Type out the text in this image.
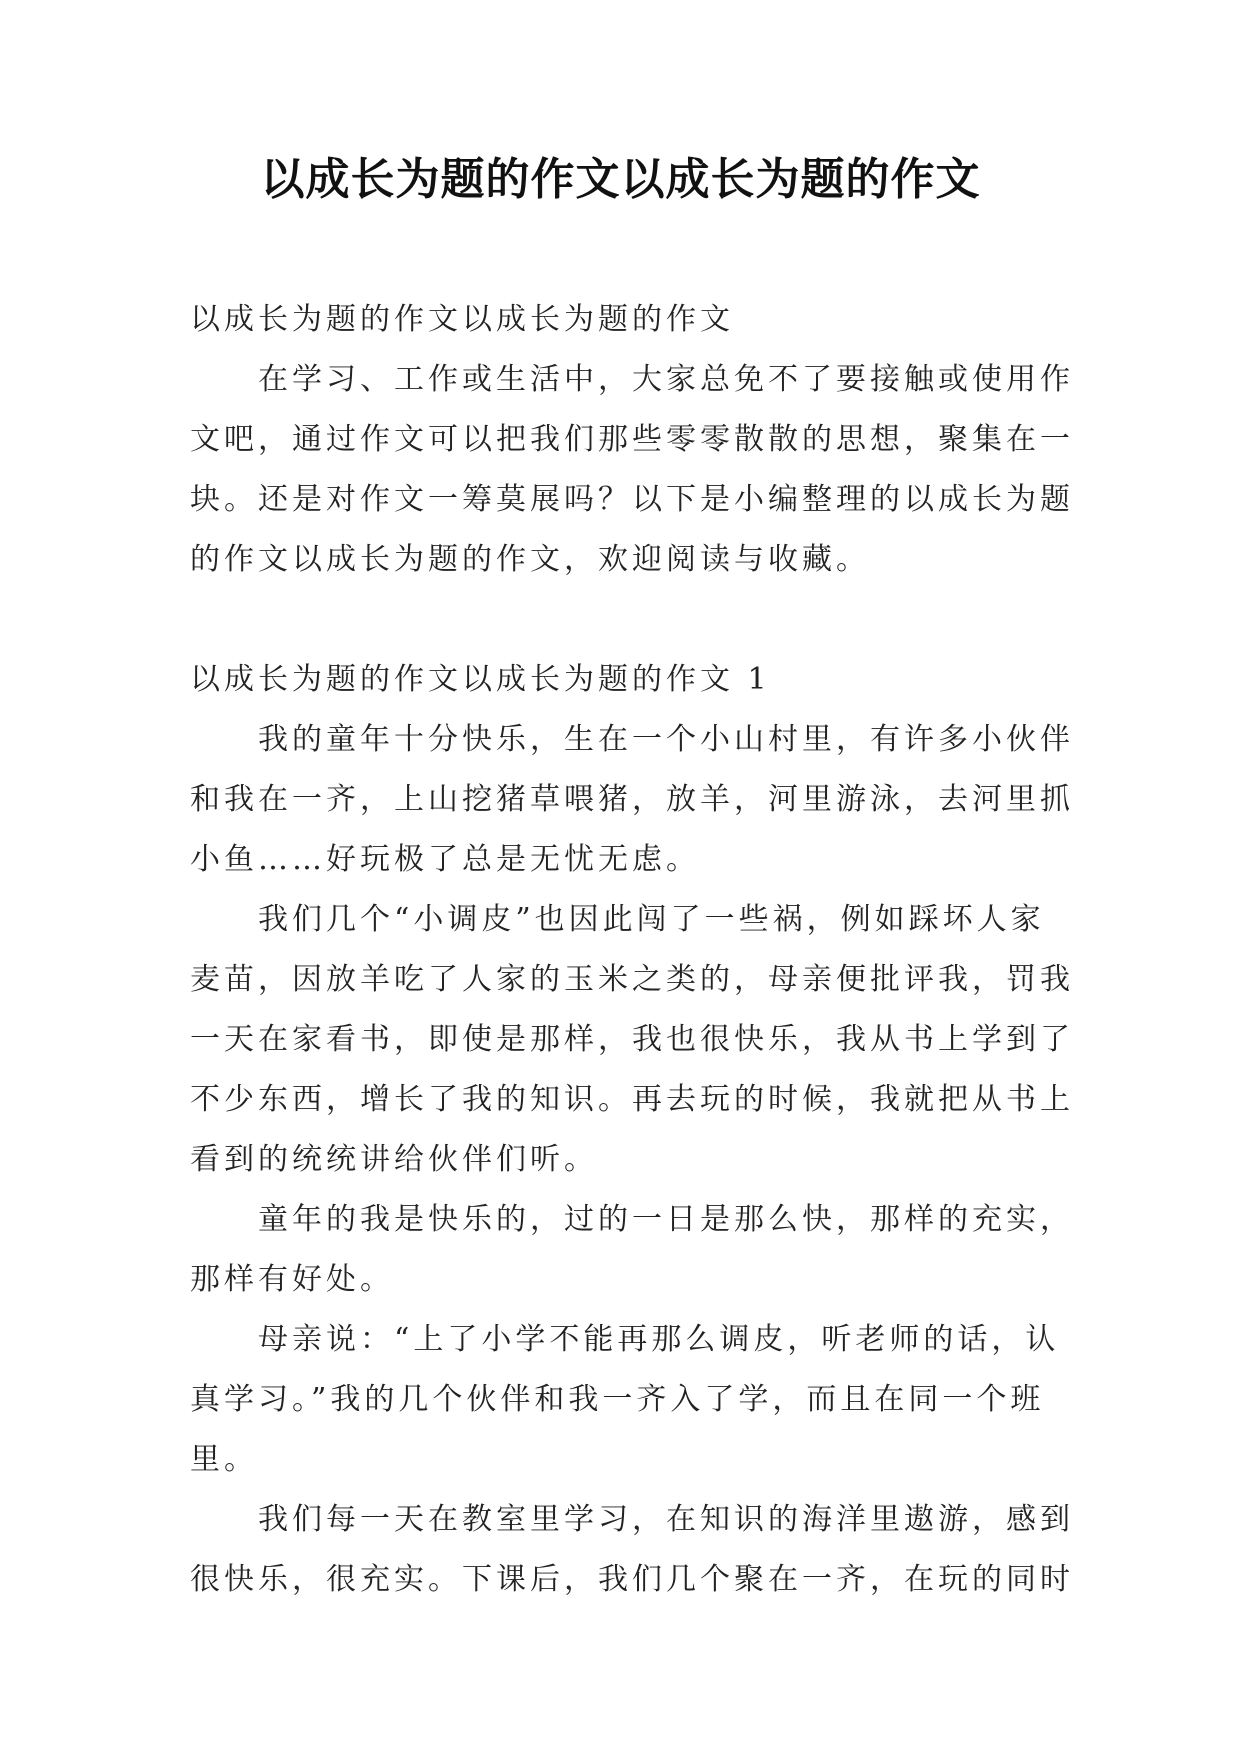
以成长为题的作文以成长为题的作文

以成长为题的作文以成长为题的作文

在学习、工作或生活中，大家总免不了要接触或使用作

文吧，通过作文可以把我们那些零零散散的思想，聚集在一

块。还是对作文一筹莫展吗？以下是小编整理的以成长为题

的作文以成长为题的作文，欢迎阅读与收藏。

以成长为题的作文以成长为题的作文 1

我的童年十分快乐，生在一个小山村里，有许多小伙伴

和我在一齐，上山挖猪草喂猪，放羊，河里游泳，去河里抓

小鱼……好玩极了总是无忧无虑。

我们几个“小调皮”也因此闯了一些祸，例如踩坏人家

麦苗，因放羊吃了人家的玉米之类的，母亲便批评我，罚我

一天在家看书，即使是那样，我也很快乐，我从书上学到了

不少东西，增长了我的知识。再去玩的时候，我就把从书上

看到的统统讲给伙伴们听。

童年的我是快乐的，过的一日是那么快，那样的充实，

那样有好处。

母亲说：“上了小学不能再那么调皮，听老师的话，认

真学习。”我的几个伙伴和我一齐入了学，而且在同一个班

里。

我们每一天在教室里学习，在知识的海洋里遨游，感到

很快乐，很充实。下课后，我们几个聚在一齐，在玩的同时
